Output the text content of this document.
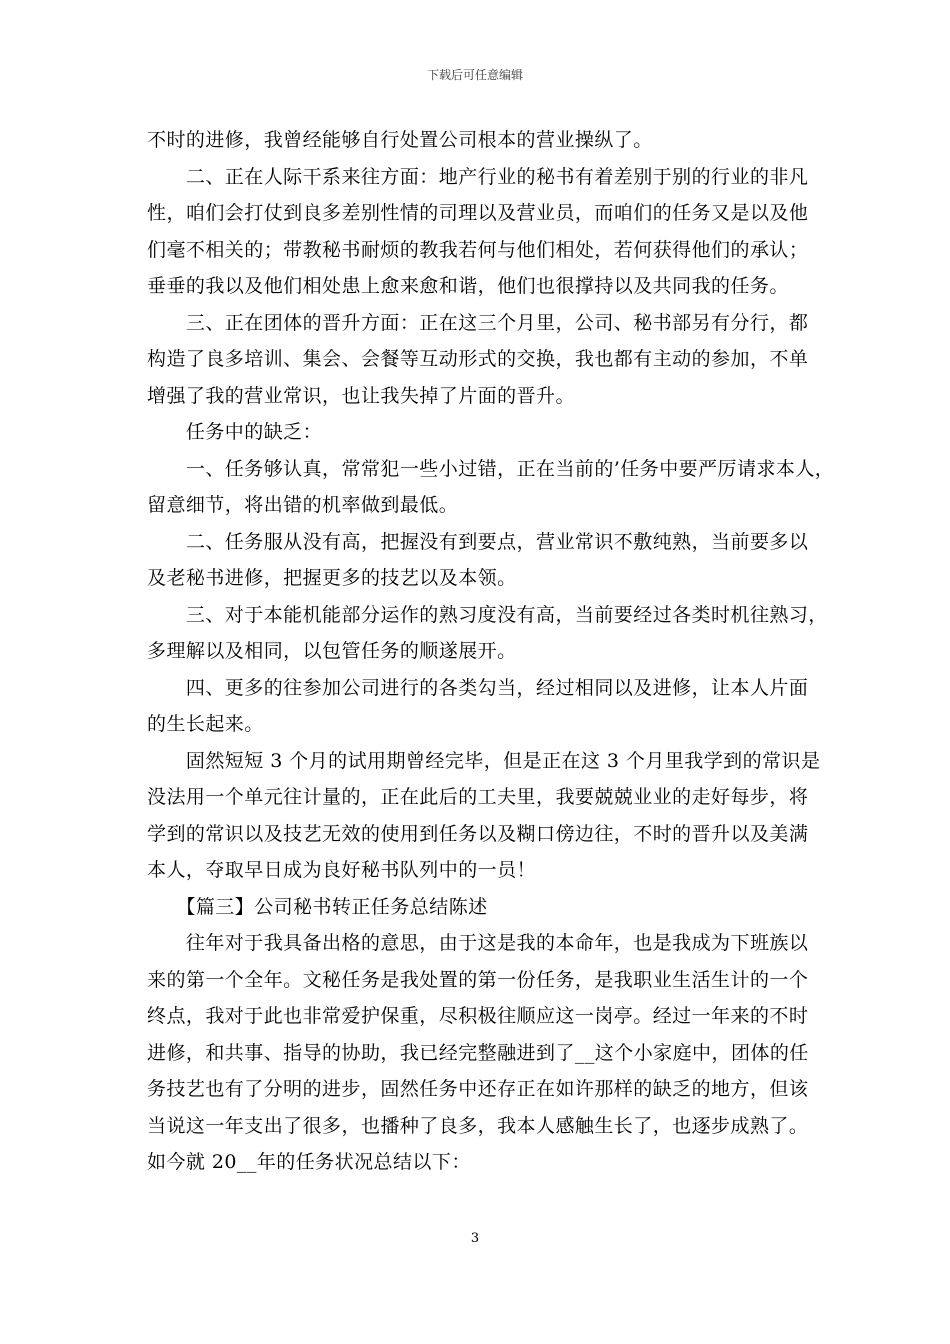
下载后可任意编辑

不时的进修，我曾经能够自行处置公司根本的营业操纵了。
　　二、正在人际干系来往方面：地产行业的秘书有着差别于别的行业的非凡
性，咱们会打仗到良多差别性情的司理以及营业员，而咱们的任务又是以及他
们毫不相关的；带教秘书耐烦的教我若何与他们相处，若何获得他们的承认；
垂垂的我以及他们相处患上愈来愈和谐，他们也很撑持以及共同我的任务。
　　三、正在团体的晋升方面：正在这三个月里，公司、秘书部另有分行，都
构造了良多培训、集会、会餐等互动形式的交换，我也都有主动的参加，不单
增强了我的营业常识，也让我失掉了片面的晋升。
　　任务中的缺乏：
　　一、任务够认真，常常犯一些小过错，正在当前的’任务中要严厉请求本人，
留意细节，将出错的机率做到最低。
　　二、任务服从没有高，把握没有到要点，营业常识不敷纯熟，当前要多以
及老秘书进修，把握更多的技艺以及本领。
　　三、对于本能机能部分运作的熟习度没有高，当前要经过各类时机往熟习，
多理解以及相同，以包管任务的顺遂展开。
　　四、更多的往参加公司进行的各类勾当，经过相同以及进修，让本人片面
的生长起来。
　　固然短短 3 个月的试用期曾经完毕，但是正在这 3 个月里我学到的常识是
没法用一个单元往计量的，正在此后的工夫里，我要兢兢业业的走好每步，将
学到的常识以及技艺无效的使用到任务以及糊口傍边往，不时的晋升以及美满
本人，夺取早日成为良好秘书队列中的一员！
　　【篇三】公司秘书转正任务总结陈述
　　往年对于我具备出格的意思，由于这是我的本命年，也是我成为下班族以
来的第一个全年。文秘任务是我处置的第一份任务，是我职业生活生计的一个
终点，我对于此也非常爱护保重，尽积极往顺应这一岗亭。经过一年来的不时
进修，和共事、指导的协助，我已经完整融进到了__这个小家庭中，团体的任
务技艺也有了分明的进步，固然任务中还存正在如许那样的缺乏的地方，但该
当说这一年支出了很多，也播种了良多，我本人感触生长了，也逐步成熟了。
如今就 20__年的任务状况总结以下：

3
